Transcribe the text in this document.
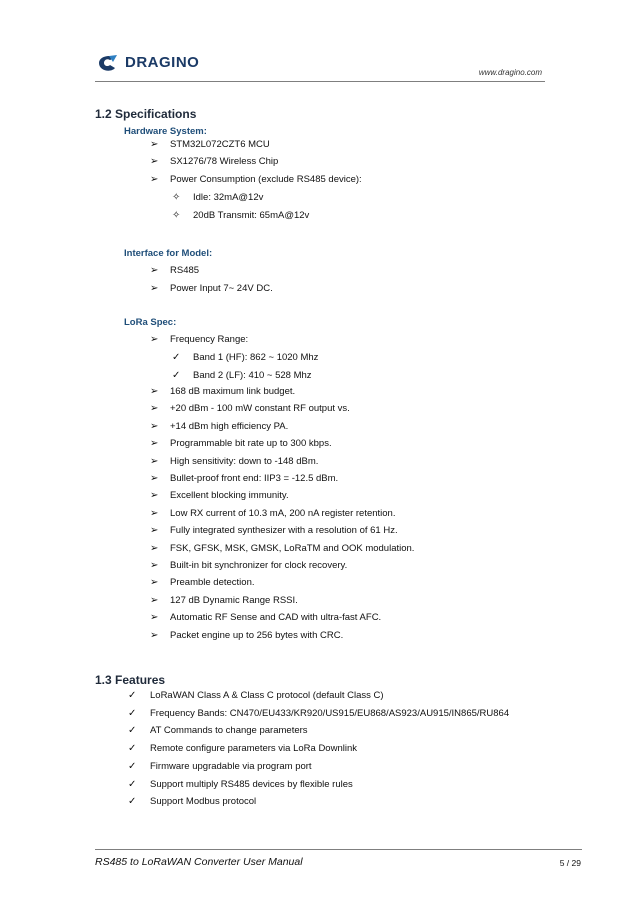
DRAGINO
www.dragino.com
1.2 Specifications
Hardware System:
➢ STM32L072CZT6 MCU
➢ SX1276/78 Wireless Chip
➢ Power Consumption (exclude RS485 device):
✧ Idle: 32mA@12v
✧ 20dB Transmit: 65mA@12v
Interface for Model:
➢ RS485
➢ Power Input 7~ 24V DC.
LoRa Spec:
➢ Frequency Range:
✓ Band 1 (HF): 862 ~ 1020 Mhz
✓ Band 2 (LF): 410 ~ 528 Mhz
➢ 168 dB maximum link budget.
➢ +20 dBm - 100 mW constant RF output vs.
➢ +14 dBm high efficiency PA.
➢ Programmable bit rate up to 300 kbps.
➢ High sensitivity: down to -148 dBm.
➢ Bullet-proof front end: IIP3 = -12.5 dBm.
➢ Excellent blocking immunity.
➢ Low RX current of 10.3 mA, 200 nA register retention.
➢ Fully integrated synthesizer with a resolution of 61 Hz.
➢ FSK, GFSK, MSK, GMSK, LoRaTM and OOK modulation.
➢ Built-in bit synchronizer for clock recovery.
➢ Preamble detection.
➢ 127 dB Dynamic Range RSSI.
➢ Automatic RF Sense and CAD with ultra-fast AFC.
➢ Packet engine up to 256 bytes with CRC.
1.3 Features
✓ LoRaWAN Class A & Class C protocol (default Class C)
✓ Frequency Bands: CN470/EU433/KR920/US915/EU868/AS923/AU915/IN865/RU864
✓ AT Commands to change parameters
✓ Remote configure parameters via LoRa Downlink
✓ Firmware upgradable via program port
✓ Support multiply RS485 devices by flexible rules
✓ Support Modbus protocol
RS485 to LoRaWAN Converter User Manual	5 / 29
